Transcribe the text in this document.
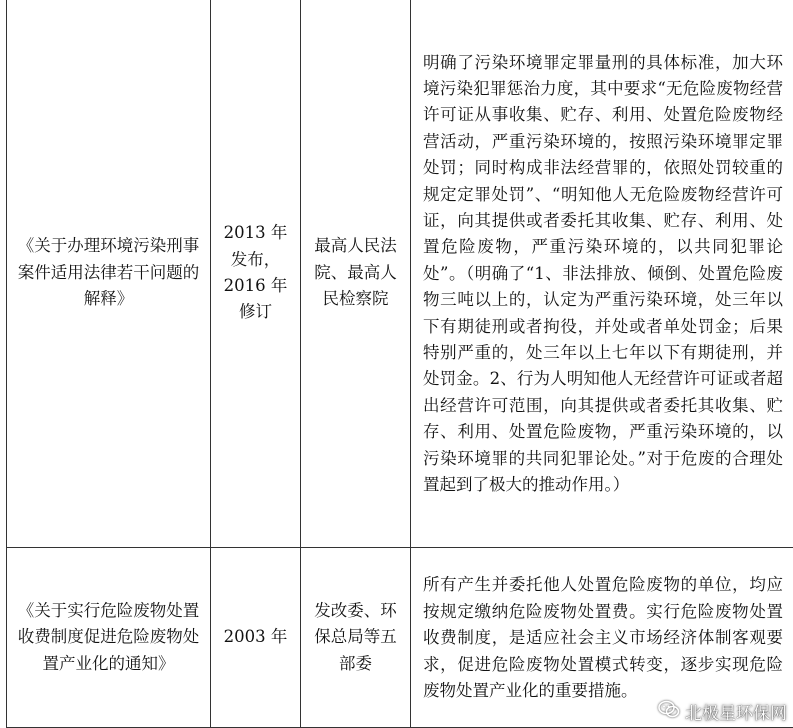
《关于办理环境污染刑事案件适用法律若干问题的解释》	2013 年发布，2016 年修订	最高人民法院、最高人民检察院	明确了污染环境罪定罪量刑的具体标准，加大环境污染犯罪惩治力度，其中要求“无危险废物经营许可证从事收集、贮存、利用、处置危险废物经营活动，严重污染环境的，按照污染环境罪定罪处罚；同时构成非法经营罪的，依照处罚较重的规定定罪处罚”、“明知他人无危险废物经营许可证，向其提供或者委托其收集、贮存、利用、处置危险废物，严重污染环境的，以共同犯罪论处”。（明确了“1、非法排放、倾倒、处置危险废物三吨以上的，认定为严重污染环境，处三年以下有期徒刑或者拘役，并处或者单处罚金；后果特别严重的，处三年以上七年以下有期徒刑，并处罚金。2、行为人明知他人无经营许可证或者超出经营许可范围，向其提供或者委托其收集、贮存、利用、处置危险废物，严重污染环境的，以污染环境罪的共同犯罪论处。”对于危废的合理处置起到了极大的推动作用。）
《关于实行危险废物处置收费制度促进危险废物处置产业化的通知》	2003 年	发改委、环保总局等五部委	所有产生并委托他人处置危险废物的单位，均应按规定缴纳危险废物处置费。实行危险废物处置收费制度，是适应社会主义市场经济体制客观要求，促进危险废物处置模式转变，逐步实现危险废物处置产业化的重要措施。
北极星环保网
